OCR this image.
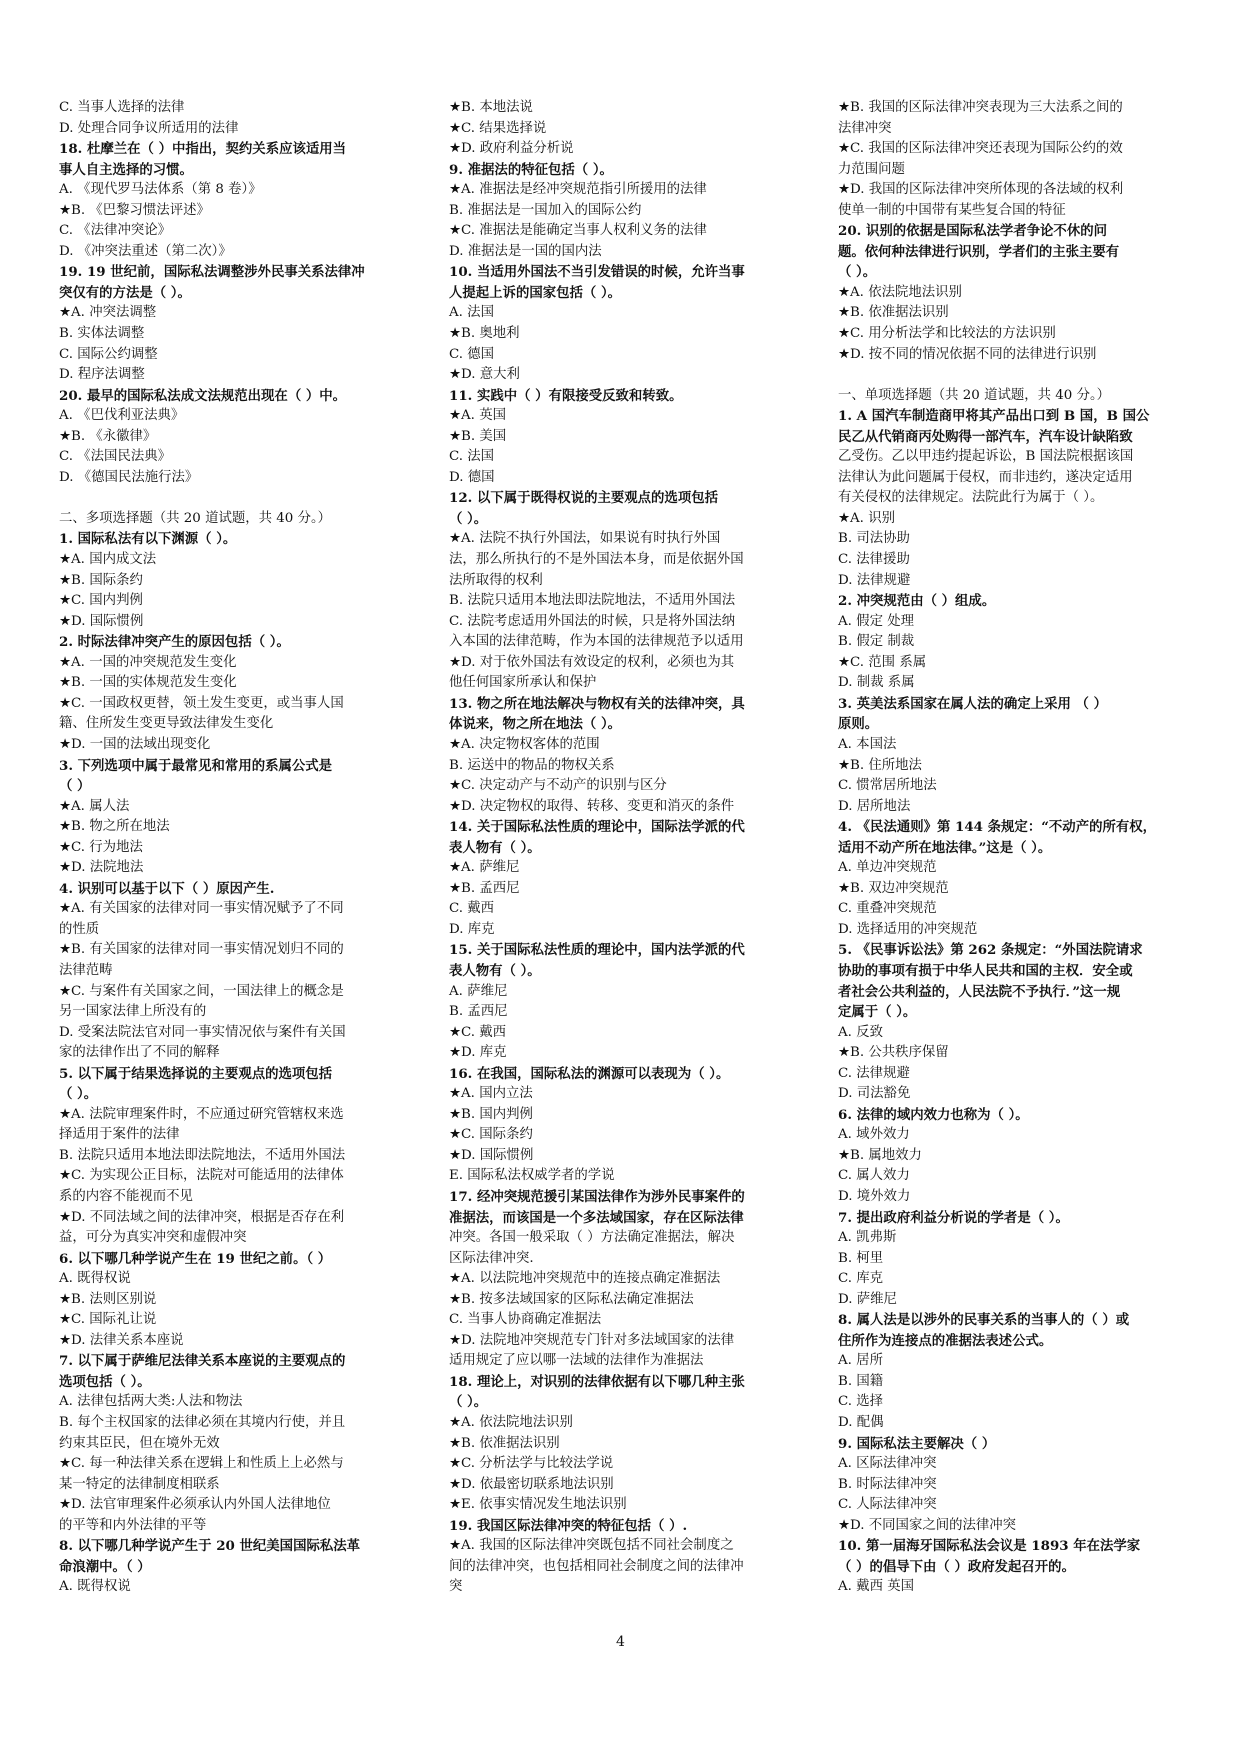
C. 当事人选择的法律
D. 处理合同争议所适用的法律
18. 杜摩兰在（ ）中指出，契约关系应该适用当
事人自主选择的习惯。
A. 《现代罗马法体系（第 8 卷）》
★B. 《巴黎习惯法评述》
C. 《法律冲突论》
D. 《冲突法重述（第二次）》
19. 19 世纪前，国际私法调整涉外民事关系法律冲
突仅有的方法是（ ）。
★A. 冲突法调整
B. 实体法调整
C. 国际公约调整
D. 程序法调整
20. 最早的国际私法成文法规范出现在（ ）中。
A. 《巴伐利亚法典》
★B. 《永徽律》
C. 《法国民法典》
D. 《德国民法施行法》
二、多项选择题（共 20 道试题，共 40 分。）
1. 国际私法有以下渊源（ ）。
★A. 国内成文法
★B. 国际条约
★C. 国内判例
★D. 国际惯例
2. 时际法律冲突产生的原因包括（ ）。
★A. 一国的冲突规范发生变化
★B. 一国的实体规范发生变化
★C. 一国政权更替，领土发生变更，或当事人国
籍、住所发生变更导致法律发生变化
★D. 一国的法域出现变化
3. 下列选项中属于最常见和常用的系属公式是
（ ）
★A. 属人法
★B. 物之所在地法
★C. 行为地法
★D. 法院地法
4. 识别可以基于以下（ ）原因产生.
★A. 有关国家的法律对同一事实情况赋予了不同
的性质
★B. 有关国家的法律对同一事实情况划归不同的
法律范畴
★C. 与案件有关国家之间，一国法律上的概念是
另一国家法律上所没有的
D. 受案法院法官对同一事实情况依与案件有关国
家的法律作出了不同的解释
5. 以下属于结果选择说的主要观点的选项包括
（ ）。
★A. 法院审理案件时，不应通过研究管辖权来选
择适用于案件的法律
B. 法院只适用本地法即法院地法，不适用外国法
★C. 为实现公正目标，法院对可能适用的法律体
系的内容不能视而不见
★D. 不同法域之间的法律冲突，根据是否存在利
益，可分为真实冲突和虚假冲突
6. 以下哪几种学说产生在 19 世纪之前。（ ）
A. 既得权说
★B. 法则区别说
★C. 国际礼让说
★D. 法律关系本座说
7. 以下属于萨维尼法律关系本座说的主要观点的
选项包括（ ）。
A. 法律包括两大类:人法和物法
B. 每个主权国家的法律必须在其境内行使，并且
约束其臣民，但在境外无效
★C. 每一种法律关系在逻辑上和性质上上必然与
某一特定的法律制度相联系
★D. 法官审理案件必须承认内外国人法律地位
的平等和内外法律的平等
8. 以下哪几种学说产生于 20 世纪美国国际私法革
命浪潮中。（ ）
A. 既得权说
★B. 本地法说
★C. 结果选择说
★D. 政府利益分析说
9. 准据法的特征包括（ ）。
★A. 准据法是经冲突规范指引所援用的法律
B. 准据法是一国加入的国际公约
★C. 准据法是能确定当事人权利义务的法律
D. 准据法是一国的国内法
10. 当适用外国法不当引发错误的时候，允许当事
人提起上诉的国家包括（ ）。
A. 法国
★B. 奥地利
C. 德国
★D. 意大利
11. 实践中（ ）有限接受反致和转致。
★A. 英国
★B. 美国
C. 法国
D. 德国
12. 以下属于既得权说的主要观点的选项包括
（ ）。
★A. 法院不执行外国法，如果说有时执行外国
法，那么所执行的不是外国法本身，而是依据外国
法所取得的权利
B. 法院只适用本地法即法院地法，不适用外国法
C. 法院考虑适用外国法的时候，只是将外国法纳
入本国的法律范畴，作为本国的法律规范予以适用
★D. 对于依外国法有效设定的权利，必须也为其
他任何国家所承认和保护
13. 物之所在地法解决与物权有关的法律冲突，具
体说来，物之所在地法（ ）。
★A. 决定物权客体的范围
B. 运送中的物品的物权关系
★C. 决定动产与不动产的识别与区分
★D. 决定物权的取得、转移、变更和消灭的条件
14. 关于国际私法性质的理论中，国际法学派的代
表人物有（ ）。
★A. 萨维尼
★B. 孟西尼
C. 戴西
D. 库克
15. 关于国际私法性质的理论中，国内法学派的代
表人物有（ ）。
A. 萨维尼
B. 孟西尼
★C. 戴西
★D. 库克
16. 在我国，国际私法的渊源可以表现为（ ）。
★A. 国内立法
★B. 国内判例
★C. 国际条约
★D. 国际惯例
E. 国际私法权威学者的学说
17. 经冲突规范援引某国法律作为涉外民事案件的
准据法，而该国是一个多法域国家，存在区际法律
冲突。各国一般采取（ ）方法确定准据法，解决
区际法律冲突.
★A. 以法院地冲突规范中的连接点确定准据法
★B. 按多法域国家的区际私法确定准据法
C. 当事人协商确定准据法
★D. 法院地冲突规范专门针对多法域国家的法律
适用规定了应以哪一法域的法律作为准据法
18. 理论上，对识别的法律依据有以下哪几种主张
（ ）。
★A. 依法院地法识别
★B. 依准据法识别
★C. 分析法学与比较法学说
★D. 依最密切联系地法识别
★E. 依事实情况发生地法识别
19. 我国区际法律冲突的特征包括（ ）.
★A. 我国的区际法律冲突既包括不同社会制度之
间的法律冲突，也包括相同社会制度之间的法律冲
突
★B. 我国的区际法律冲突表现为三大法系之间的
法律冲突
★C. 我国的区际法律冲突还表现为国际公约的效
力范围问题
★D. 我国的区际法律冲突所体现的各法域的权利
使单一制的中国带有某些复合国的特征
20. 识别的依据是国际私法学者争论不休的问
题。依何种法律进行识别，学者们的主张主要有
（ ）。
★A. 依法院地法识别
★B. 依准据法识别
★C. 用分析法学和比较法的方法识别
★D. 按不同的情况依据不同的法律进行识别
一、单项选择题（共 20 道试题，共 40 分。）
1. A 国汽车制造商甲将其产品出口到 B 国，B 国公
民乙从代销商丙处购得一部汽车，汽车设计缺陷致
乙受伤。乙以甲违约提起诉讼，B 国法院根据该国
法律认为此问题属于侵权，而非违约，遂决定适用
有关侵权的法律规定。法院此行为属于（ ）。
★A. 识别
B. 司法协助
C. 法律援助
D. 法律规避
2. 冲突规范由（ ）组成。
A. 假定 处理
B. 假定 制裁
★C. 范围 系属
D. 制裁 系属
3. 英美法系国家在属人法的确定上采用 （ ）
原则。
A. 本国法
★B. 住所地法
C. 惯常居所地法
D. 居所地法
4. 《民法通则》第 144 条规定：“不动产的所有权，
适用不动产所在地法律。”这是（ ）。
A. 单边冲突规范
★B. 双边冲突规范
C. 重叠冲突规范
D. 选择适用的冲突规范
5. 《民事诉讼法》第 262 条规定：“外国法院请求
协助的事项有损于中华人民共和国的主权．安全或
者社会公共利益的，人民法院不予执行．”这一规
定属于（ ）。
A. 反致
★B. 公共秩序保留
C. 法律规避
D. 司法豁免
6. 法律的域内效力也称为（ ）。
A. 域外效力
★B. 属地效力
C. 属人效力
D. 境外效力
7. 提出政府利益分析说的学者是（ ）。
A. 凯弗斯
B. 柯里
C. 库克
D. 萨维尼
8. 属人法是以涉外的民事关系的当事人的（ ）或
住所作为连接点的准据法表述公式。
A. 居所
B. 国籍
C. 选择
D. 配偶
9. 国际私法主要解决（ ）
A. 区际法律冲突
B. 时际法律冲突
C. 人际法律冲突
★D. 不同国家之间的法律冲突
10. 第一届海牙国际私法会议是 1893 年在法学家
（ ）的倡导下由（ ）政府发起召开的。
A. 戴西 英国
4
